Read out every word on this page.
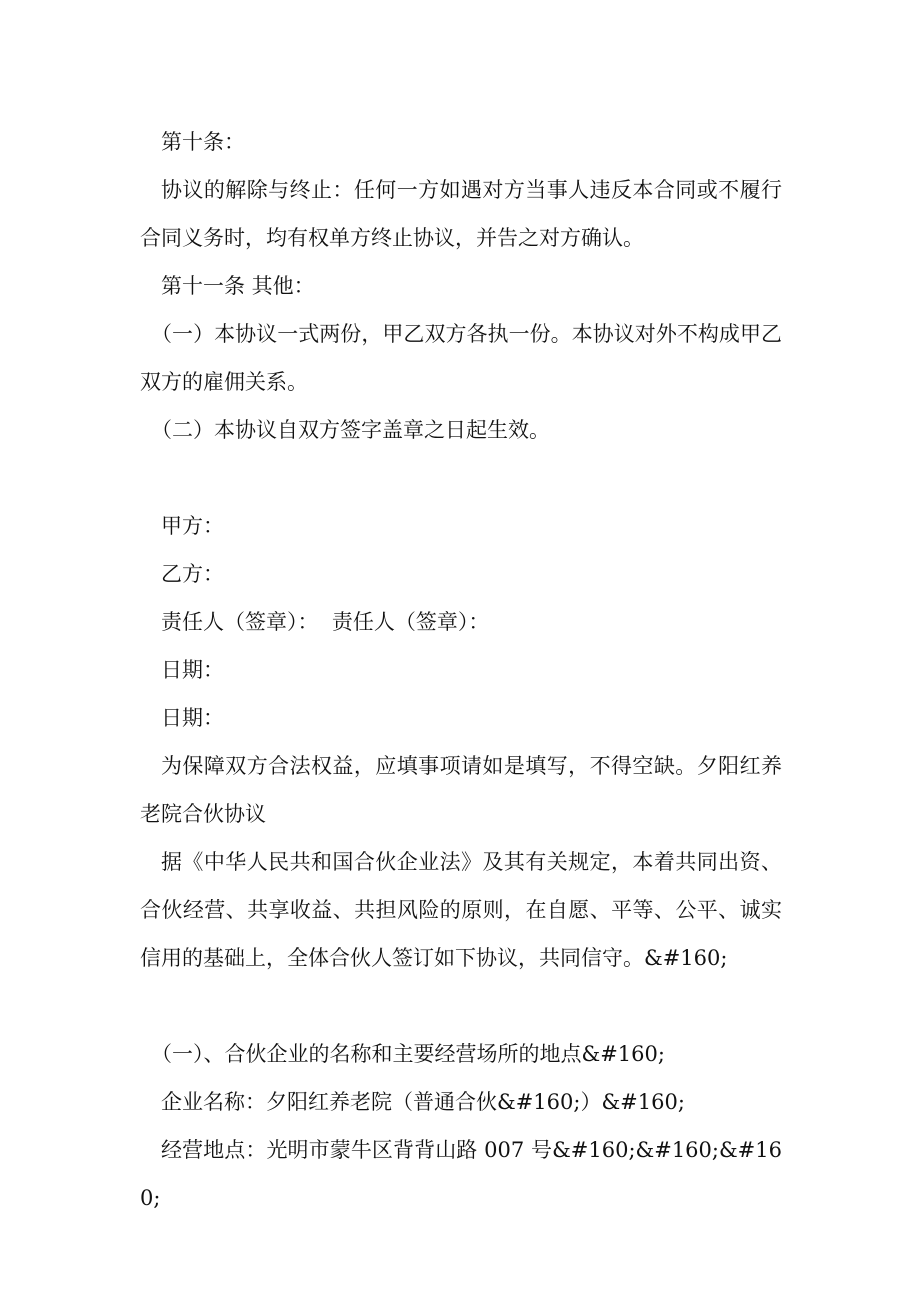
第十条：

协议的解除与终止：任何一方如遇对方当事人违反本合同或不履行合同义务时，均有权单方终止协议，并告之对方确认。

第十一条 其他：

（一）本协议一式两份，甲乙双方各执一份。本协议对外不构成甲乙双方的雇佣关系。

（二）本协议自双方签字盖章之日起生效。

甲方：

乙方：

责任人（签章）：  责任人（签章）：

日期：

日期：

为保障双方合法权益，应填事项请如是填写，不得空缺。夕阳红养老院合伙协议

据《中华人民共和国合伙企业法》及其有关规定，本着共同出资、合伙经营、共享收益、共担风险的原则，在自愿、平等、公平、诚实信用的基础上，全体合伙人签订如下协议，共同信守。&#160;

（一）、合伙企业的名称和主要经营场所的地点&#160;

企业名称：夕阳红养老院（普通合伙&#160;）&#160;

经营地点：光明市蒙牛区背背山路 007 号&#160;&#160;&#160;
